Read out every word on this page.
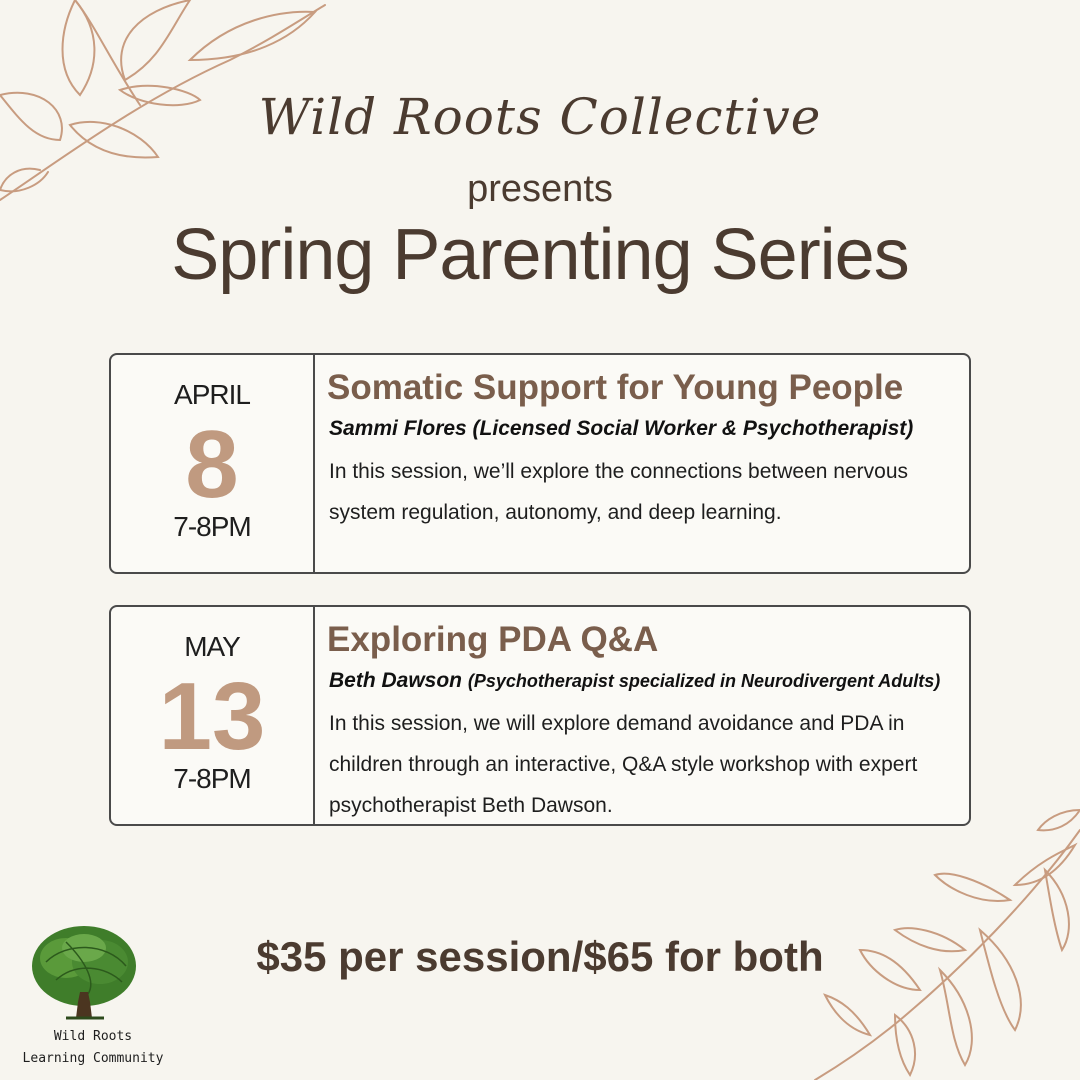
Wild Roots Collective
presents
Spring Parenting Series
APRIL
8
7-8PM
Somatic Support for Young People
Sammi Flores (Licensed Social Worker & Psychotherapist)
In this session, we’ll explore the connections between nervous system regulation, autonomy, and deep learning.
MAY
13
7-8PM
Exploring PDA Q&A
Beth Dawson (Psychotherapist specialized in Neurodivergent Adults)
In this session, we will explore demand avoidance and PDA in children through an interactive, Q&A style workshop with expert psychotherapist Beth Dawson.
$35 per session/$65 for both
Wild Roots
Learning Community
